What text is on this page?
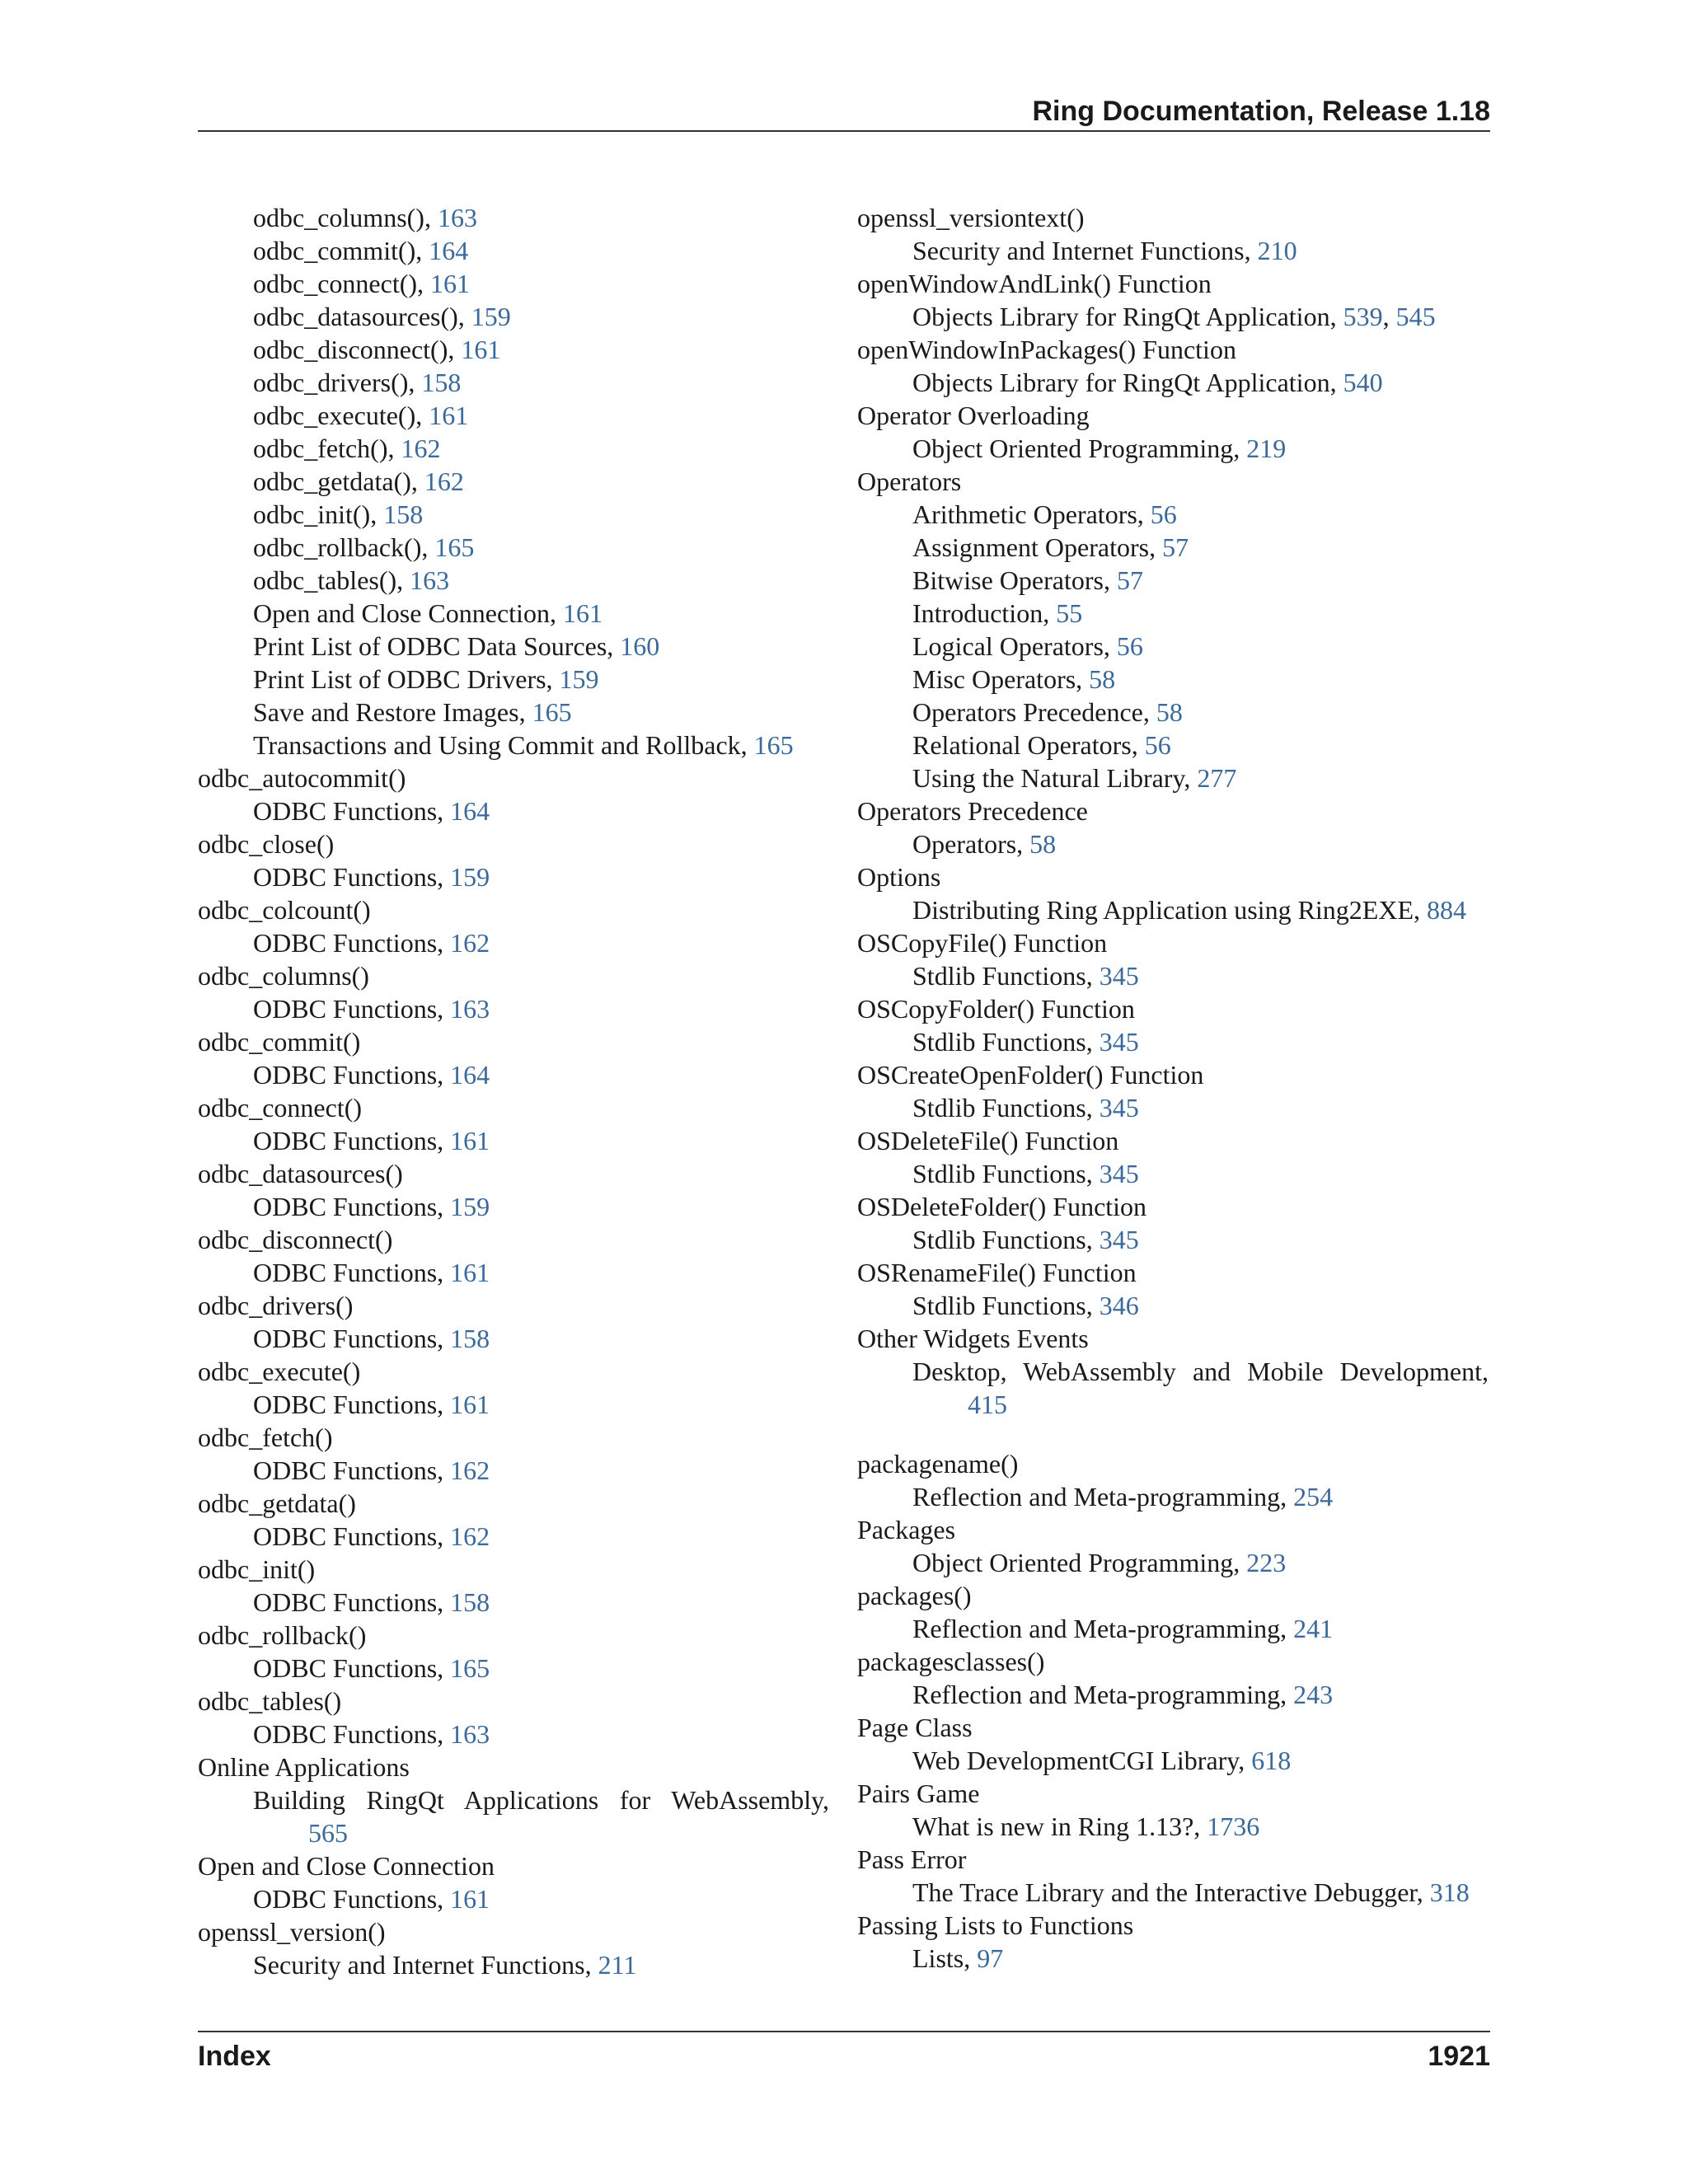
Ring Documentation, Release 1.18
odbc_columns(), 163
odbc_commit(), 164
odbc_connect(), 161
odbc_datasources(), 159
odbc_disconnect(), 161
odbc_drivers(), 158
odbc_execute(), 161
odbc_fetch(), 162
odbc_getdata(), 162
odbc_init(), 158
odbc_rollback(), 165
odbc_tables(), 163
Open and Close Connection, 161
Print List of ODBC Data Sources, 160
Print List of ODBC Drivers, 159
Save and Restore Images, 165
Transactions and Using Commit and Rollback, 165
odbc_autocommit()
ODBC Functions, 164
odbc_close()
ODBC Functions, 159
odbc_colcount()
ODBC Functions, 162
odbc_columns()
ODBC Functions, 163
odbc_commit()
ODBC Functions, 164
odbc_connect()
ODBC Functions, 161
odbc_datasources()
ODBC Functions, 159
odbc_disconnect()
ODBC Functions, 161
odbc_drivers()
ODBC Functions, 158
odbc_execute()
ODBC Functions, 161
odbc_fetch()
ODBC Functions, 162
odbc_getdata()
ODBC Functions, 162
odbc_init()
ODBC Functions, 158
odbc_rollback()
ODBC Functions, 165
odbc_tables()
ODBC Functions, 163
Online Applications
Building RingQt Applications for WebAssembly,
565
Open and Close Connection
ODBC Functions, 161
openssl_version()
Security and Internet Functions, 211
openssl_versiontext()
Security and Internet Functions, 210
openWindowAndLink() Function
Objects Library for RingQt Application, 539, 545
openWindowInPackages() Function
Objects Library for RingQt Application, 540
Operator Overloading
Object Oriented Programming, 219
Operators
Arithmetic Operators, 56
Assignment Operators, 57
Bitwise Operators, 57
Introduction, 55
Logical Operators, 56
Misc Operators, 58
Operators Precedence, 58
Relational Operators, 56
Using the Natural Library, 277
Operators Precedence
Operators, 58
Options
Distributing Ring Application using Ring2EXE, 884
OSCopyFile() Function
Stdlib Functions, 345
OSCopyFolder() Function
Stdlib Functions, 345
OSCreateOpenFolder() Function
Stdlib Functions, 345
OSDeleteFile() Function
Stdlib Functions, 345
OSDeleteFolder() Function
Stdlib Functions, 345
OSRenameFile() Function
Stdlib Functions, 346
Other Widgets Events
Desktop, WebAssembly and Mobile Development,
415
packagename()
Reflection and Meta-programming, 254
Packages
Object Oriented Programming, 223
packages()
Reflection and Meta-programming, 241
packagesclasses()
Reflection and Meta-programming, 243
Page Class
Web DevelopmentCGI Library, 618
Pairs Game
What is new in Ring 1.13?, 1736
Pass Error
The Trace Library and the Interactive Debugger, 318
Passing Lists to Functions
Lists, 97
Index	1921
